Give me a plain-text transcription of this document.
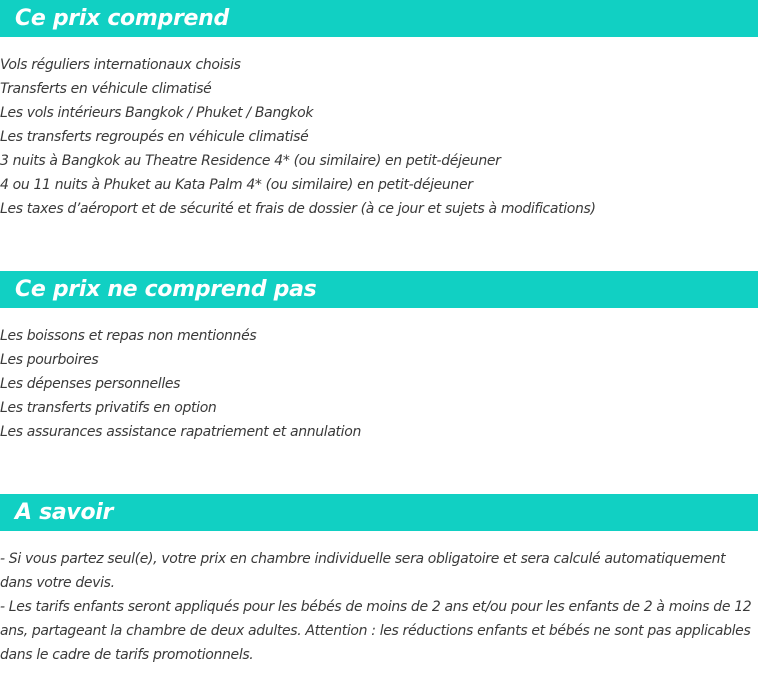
Ce prix comprend
Vols réguliers internationaux choisis
Transferts en véhicule climatisé
Les vols intérieurs Bangkok / Phuket / Bangkok
Les transferts regroupés en véhicule climatisé
3 nuits à Bangkok au Theatre Residence 4* (ou similaire) en petit-déjeuner
4 ou 11 nuits à Phuket au Kata Palm 4* (ou similaire) en petit-déjeuner
Les taxes d’aéroport et de sécurité et frais de dossier (à ce jour et sujets à modifications)
Ce prix ne comprend pas
Les boissons et repas non mentionnés
Les pourboires
Les dépenses personnelles
Les transferts privatifs en option
Les assurances assistance rapatriement et annulation
A savoir

- Si vous partez seul(e), votre prix en chambre individuelle sera obligatoire et sera calculé automatiquement dans votre devis.

- Les tarifs enfants seront appliqués pour les bébés de moins de 2 ans et/ou pour les enfants de 2 à moins de 12 ans, partageant la chambre de deux adultes. Attention : les réductions enfants et bébés ne sont pas applicables dans le cadre de tarifs promotionnels.
